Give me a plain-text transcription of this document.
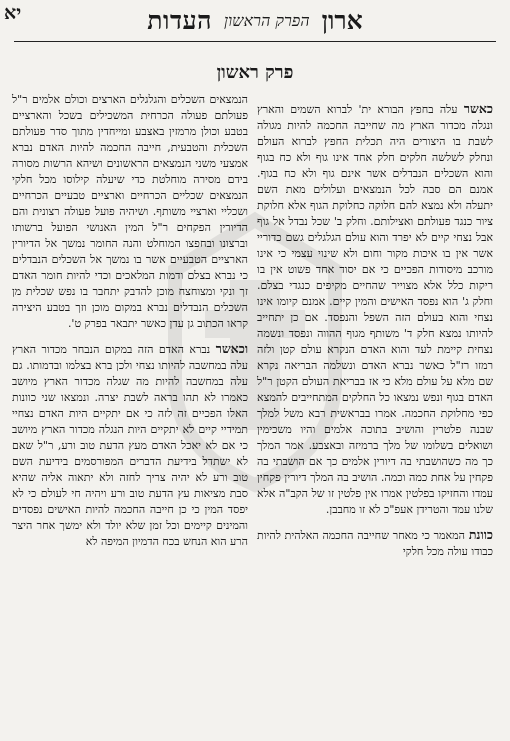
ארון
הפרק הראשון
העדות
יא
פרק ראשון

כאשר עלה בחפץ הבורא ית' לברוא השמים והארץ ונגלה מכדור הארץ מה שחייבה החכמה להיות מגולה לשבת בו היצורים היה תכלית החפץ לברוא העולם ונחלק לשלשה חלקים חלק אחד אינו גוף ולא כח בגוף והוא השכלים הנבדלים אשר אינם גוף ולא כח בגוף. אמנם הם סבה לכל הנמצאים ועלולים מאת השם יתעלה ולא נמצא להם חלוקה כחלוקת הגוף אלא חלוקת ציור כנגד פעולתם ואצילותם. וחלק ב' שכל נבדל אל גוף אבל נצחי קיים לא יפרד והוא עולם הגלגלים גשם כדוריי אשר אין בו איכות מקור וחום ולא שינוי עצמי כי אינו מורכב מיסודות הפכיים כי אם יסוד אחד פשוט אין בו ריקות כלל אלא מצוייר שהחיים מקיפים כנגדי בצלם. וחלק ג' הוא נפסד האישים והמין קיים. אמנם קיומו אינו נצחי והוא בעולם הזה השפל והנפסד. אם כן יתחייב להיותו נמצא חלק ד' משותף מגוף ההווה ונפסד ונשמה נצחית קיימת לעד והוא האדם הנקרא עולם קטן ולזה רמזו רז"ל כאשר נברא האדם ונשלמה הבריאה נקרא שם מלא על עולם מלא כי אז בבריאת העולם הקטן ר"ל האדם בגוף ונפש נמצאו כל החלקים המתחייבים להמצא כפי מחלוקת החכמה. אמרו בבראשית רבא משל למלך שבנה פלטרין והושיב בתוכה אלמים והיו משכימין ושואלים בשלומו של מלך ברמיזה ובאצבע. אמר המלך כך מה כשהושבתי בה דיורין אלמים כך אם הושבתי בה פקחין על אחת כמה וכמה. הושיב בה המלך דיורין פקחין עמדו והחזיקו בפלטין אמרו אין פלטין זו של הקב"ה אלא שלנו עמד והטרידן אעפ"כ לא זו מחבבן.

כוונת המאמר כי מאחר שחייבה החכמה האלהית להיות כבודו עולה מכל חלקי

הנמצאים השכלים והגלגלים הארצים וכולם אלמים ר"ל פעולתם פעולה הכרחית המשכילים בשכל והארציים בטבע וכולן מרמזין באצבע ומייחדין מתוך סדר פעולתם השכלית והטבעית, חייבה החכמה להיות האדם נברא אמצעי משני הנמצאים הראשונים ושיהא הרשות מסורה בידם מסירה מוחלטת כדי שיעלה קילוסו מכל חלקי הנמצאים שכליים הכרחיים וארציים טבעיים הכרחיים ושכליי וארציי משותף. ושיהיה פועל פעולה רצונית והם הדיורין הפקחים ר"ל המין האנושי הפועל ברשותו וברצונו ובחפצו המוחלט והנה החומר נמשך אל הדיורין הארציים הטבעיים אשר בו נמשך אל השכלים הנבדלים כי נברא בצלם ודמות המלאכים וכדי להיות חומר האדם זך ונקי ומצוחצח מוכן להדבק יתחבר בו נפש שכלית מן השכלים הנבדלים נברא במקום מוכן וזך בטבע היצירה קראו הכתוב גן עדן כאשר יתבאר בפרק ט'.

וכאשר נברא האדם הזה במקום הנבחר מכדור הארץ עלה במחשבה להיותו נצחי ולכן ברא בצלמו ובדמותו. גם עלה במחשבה להיות מה שגלה מכדור הארץ מיושב כאמרו לא תהו בראה לשבת יצרה. ונמצאו שני כוונות האלו הפכיים זה לזה כי אם יתקיים היות האדם נצחיי תמידיי קיים לא יתקיים היות הנגלה מכדור הארץ מיושב כי אם לא יאכל האדם מעץ הדעת טוב ורע, ר"ל שאם לא ישתדל בידיעת הדברים המפורסמים בידיעת השם טוב ורע לא יהיה צריך לחזה ולא יתאוה אליה שהיא סבת מציאות עץ הדעת טוב ורע ויהיה חי לעולם כי לא יפסד המין כי כן חייבה החכמה להיות האישים נפסדים והמינים קיימים וכל זמן שלא יולד ולא ימשך אחר היצר הרע הוא הנחש בכח הדמיון המיפה לא
